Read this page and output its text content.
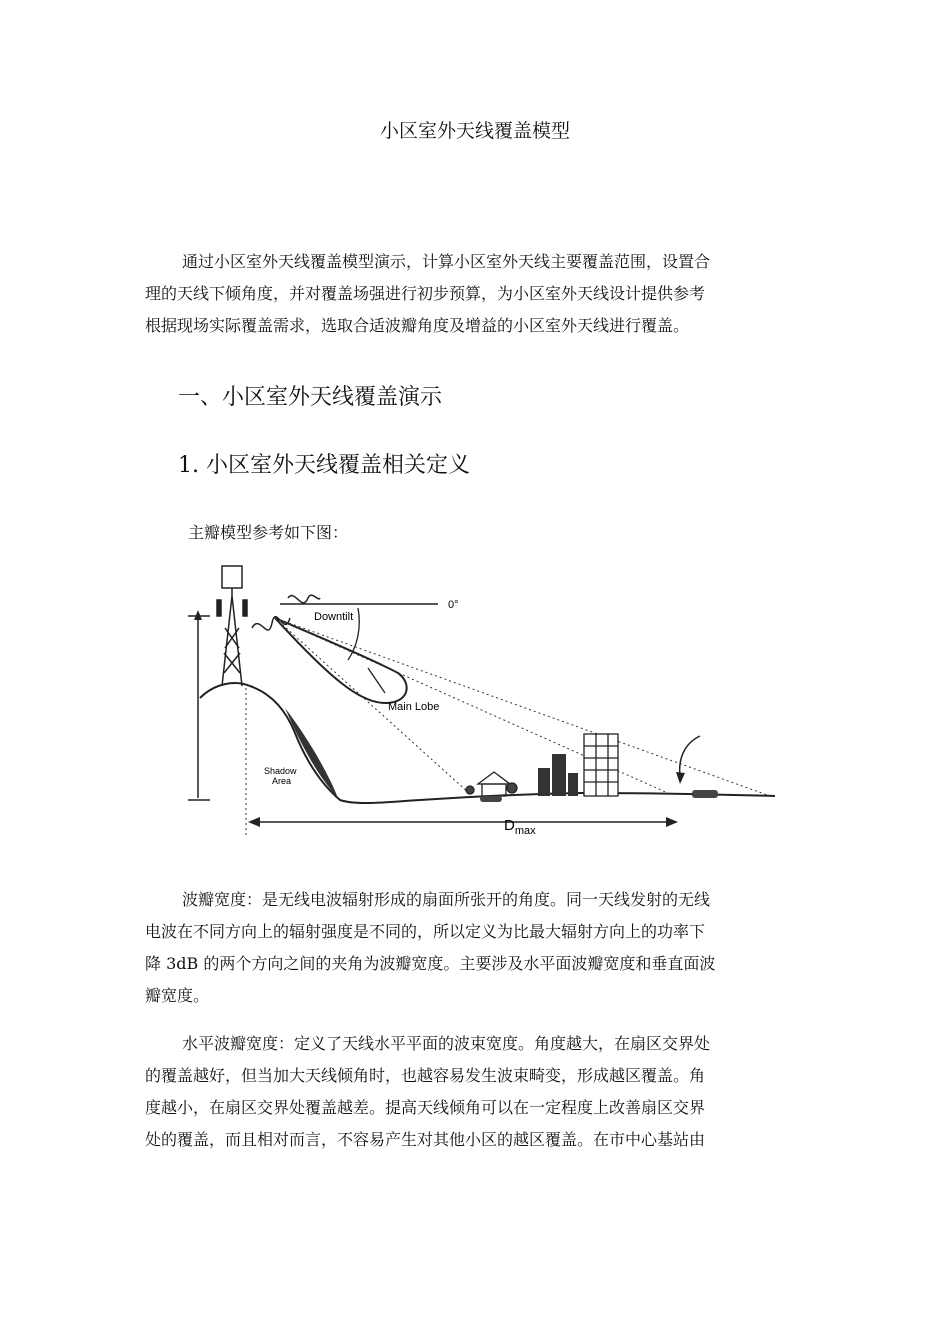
小区室外天线覆盖模型
通过小区室外天线覆盖模型演示，计算小区室外天线主要覆盖范围，设置合
理的天线下倾角度，并对覆盖场强进行初步预算，为小区室外天线设计提供参考
根据现场实际覆盖需求，选取合适波瓣角度及增益的小区室外天线进行覆盖。
一、小区室外天线覆盖演示
1. 小区室外天线覆盖相关定义
主瓣模型参考如下图：
0°
Downtilt
Main Lobe
Shadow
Area
$D_{max}$
波瓣宽度：是无线电波辐射形成的扇面所张开的角度。同一天线发射的无线
电波在不同方向上的辐射强度是不同的，所以定义为比最大辐射方向上的功率下
降 3dB 的两个方向之间的夹角为波瓣宽度。主要涉及水平面波瓣宽度和垂直面波
瓣宽度。
水平波瓣宽度：定义了天线水平平面的波束宽度。角度越大，在扇区交界处
的覆盖越好，但当加大天线倾角时，也越容易发生波束畸变，形成越区覆盖。角
度越小，在扇区交界处覆盖越差。提高天线倾角可以在一定程度上改善扇区交界
处的覆盖，而且相对而言，不容易产生对其他小区的越区覆盖。在市中心基站由
